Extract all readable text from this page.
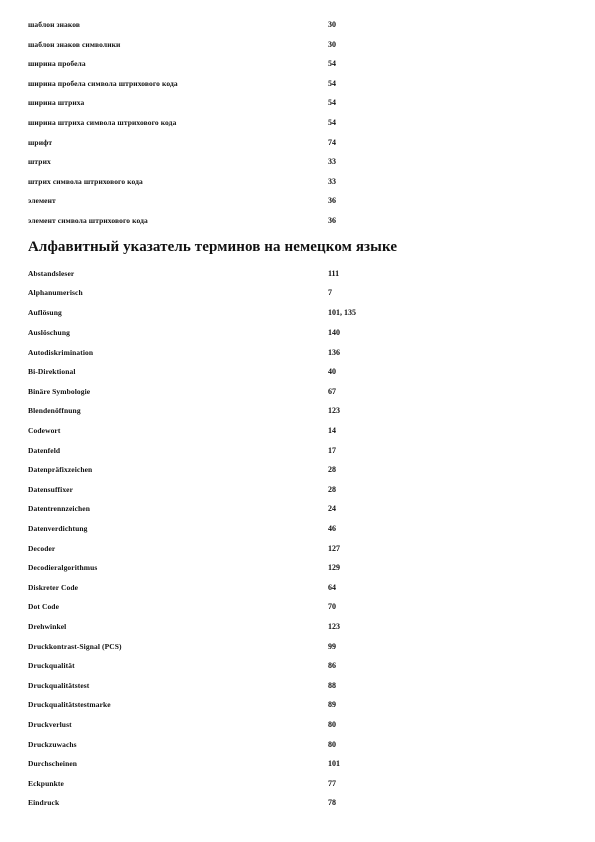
шаблон знаков	30
шаблон знаков символики	30
ширина пробела	54
ширина пробела символа штрихового кода	54
ширина штриха	54
ширина штриха символа штрихового кода	54
шрифт	74
штрих	33
штрих символа штрихового кода	33
элемент	36
элемент символа штрихового кода	36
Алфавитный указатель терминов на немецком языке
Abstandsleser	111
Alphanumerisch	7
Auflösung	101, 135
Auslöschung	140
Autodiskrimination	136
Bi-Direktional	40
Binäre Symbologie	67
Blendenöffnung	123
Codewort	14
Datenfeld	17
Datenpräfixzeichen	28
Datensuffixer	28
Datentrennzeichen	24
Datenverdichtung	46
Decoder	127
Decodieralgorithmus	129
Diskreter Code	64
Dot Code	70
Drehwinkel	123
Druckkontrast-Signal (PCS)	99
Druckqualität	86
Druckqualitätstest	88
Druckqualitätstestmarke	89
Druckverlust	80
Druckzuwachs	80
Durchscheinen	101
Eckpunkte	77
Eindruck	78
